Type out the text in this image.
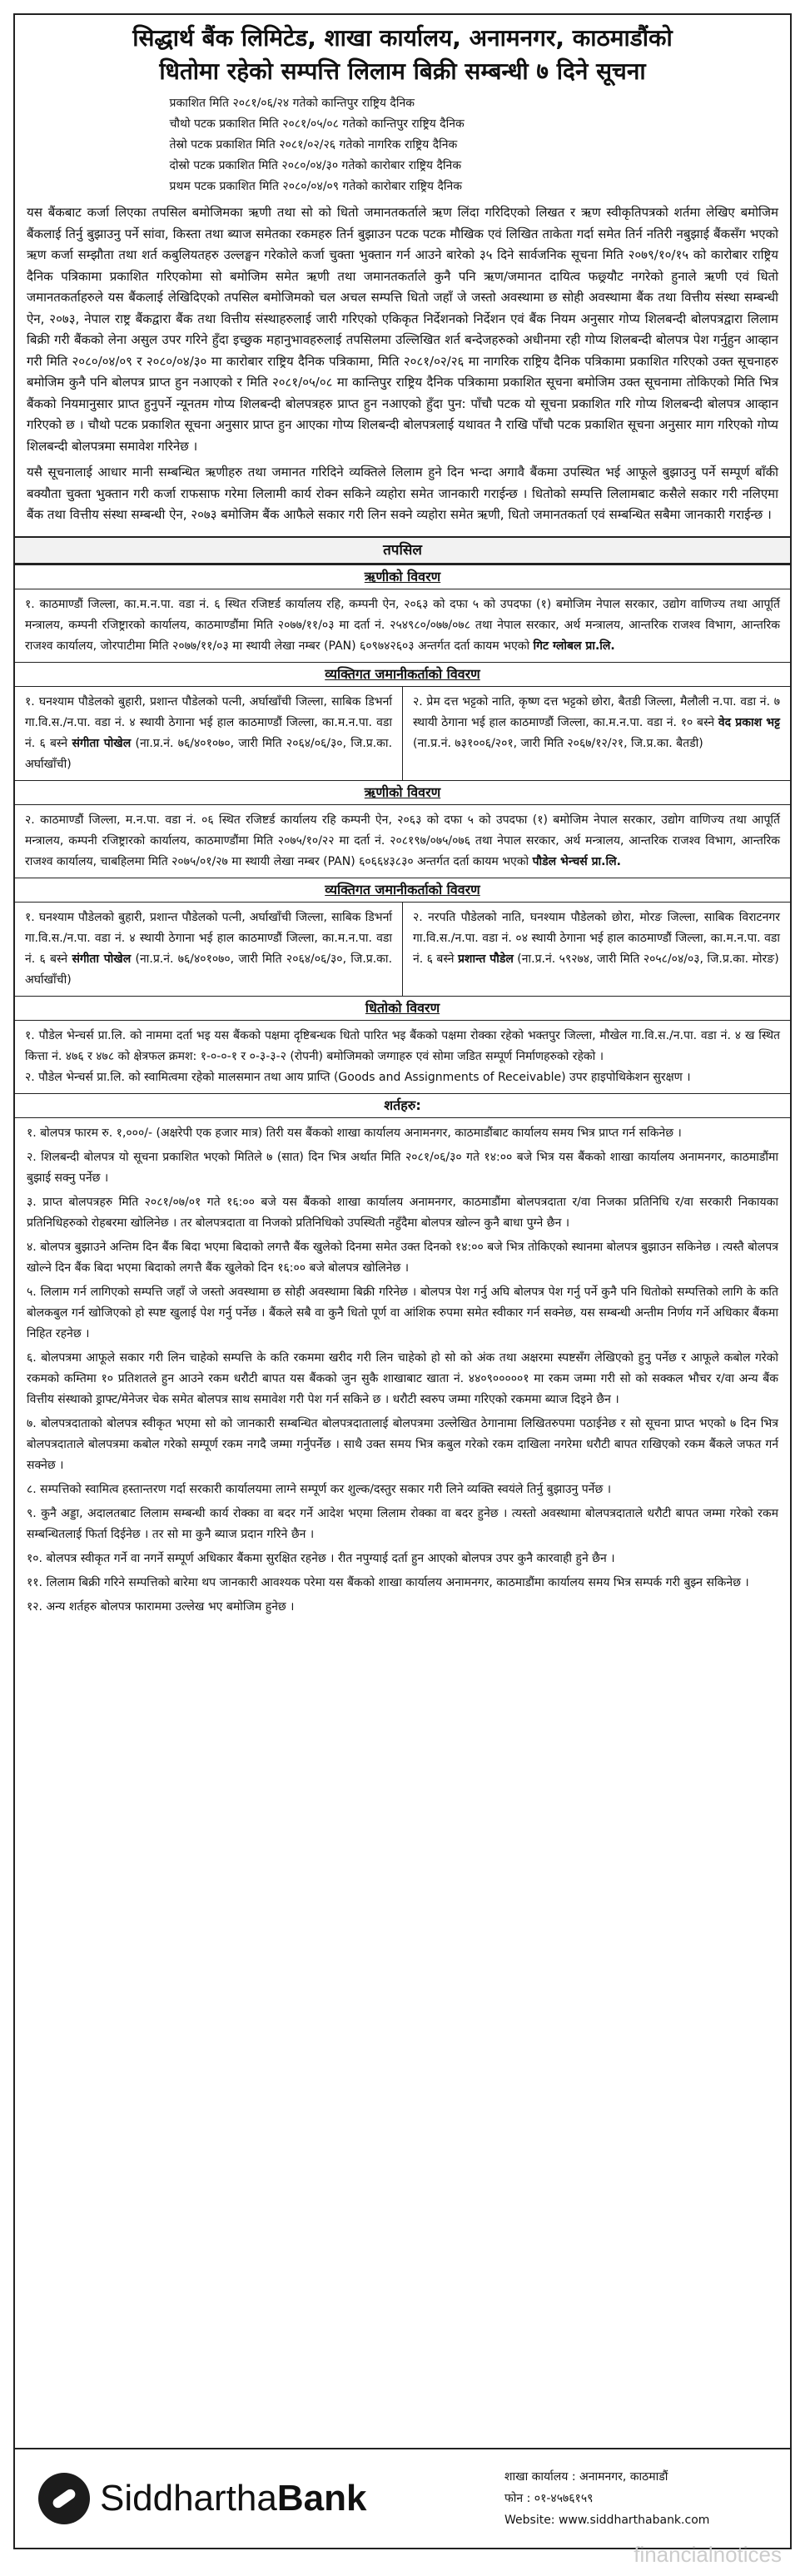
सिद्धार्थ बैंक लिमिटेड, शाखा कार्यालय, अनामनगर, काठमाडौंको
धितोमा रहेको सम्पत्ति लिलाम बिक्री सम्बन्धी ७ दिने सूचना
प्रकाशित मिति २०८१/०६/२४ गतेको कान्तिपुर राष्ट्रिय दैनिक
चौथो पटक प्रकाशित मिति २०८१/०५/०८ गतेको कान्तिपुर राष्ट्रिय दैनिक
तेस्रो पटक प्रकाशित मिति २०८१/०२/२६ गतेको नागरिक राष्ट्रिय दैनिक
दोस्रो पटक प्रकाशित मिति २०८०/०४/३० गतेको कारोबार राष्ट्रिय दैनिक
प्रथम पटक प्रकाशित मिति २०८०/०४/०९ गतेको कारोबार राष्ट्रिय दैनिक

यस बैंकबाट कर्जा लिएका तपसिल बमोजिमका ऋणी तथा सो को धितो जमानतकर्ताले ऋण लिंदा गरिदिएको लिखत र ऋण स्वीकृतिपत्रको शर्तमा लेखिए बमोजिम बैंकलाई तिर्नु बुझाउनु पर्ने सांवा, किस्ता तथा ब्याज समेतका रकमहरु तिर्न बुझाउन पटक पटक मौखिक एवं लिखित ताकेता गर्दा समेत तिर्न नतिरी नबुझाई बैंकसँग भएको ऋण कर्जा सम्झौता तथा शर्त कबुलियतहरु उल्लङ्घन गरेकोले कर्जा चुक्ता भुक्तान गर्न आउने बारेको ३५ दिने सार्वजनिक सूचना मिति २०७९/१०/१५ को कारोबार राष्ट्रिय दैनिक पत्रिकामा प्रकाशित गरिएकोमा सो बमोजिम समेत ऋणी तथा जमानतकर्ताले कुनै पनि ऋण/जमानत दायित्व फछ्र्यौट नगरेको हुनाले ऋणी एवं धितो जमानतकर्ताहरुले यस बैंकलाई लेखिदिएको तपसिल बमोजिमको चल अचल सम्पत्ति धितो जहाँ जे जस्तो अवस्थामा छ सोही अवस्थामा बैंक तथा वित्तीय संस्था सम्बन्धी ऐन, २०७३, नेपाल राष्ट्र बैंकद्वारा बैंक तथा वित्तीय संस्थाहरुलाई जारी गरिएको एकिकृत निर्देशनको निर्देशन एवं बैंक नियम अनुसार गोप्य शिलबन्दी बोलपत्रद्वारा लिलाम बिक्री गरी बैंकको लेना असुल उपर गरिने हुँदा इच्छुक महानुभावहरुलाई तपसिलमा उल्लिखित शर्त बन्देजहरुको अधीनमा रही गोप्य शिलबन्दी बोलपत्र पेश गर्नुहुन आव्हान गरी मिति २०८०/०४/०९ र २०८०/०४/३० मा कारोबार राष्ट्रिय दैनिक पत्रिकामा, मिति २०८१/०२/२६ मा नागरिक राष्ट्रिय दैनिक पत्रिकामा प्रकाशित गरिएको उक्त सूचनाहरु बमोजिम कुनै पनि बोलपत्र प्राप्त हुन नआएको र मिति २०८१/०५/०८ मा कान्तिपुर राष्ट्रिय दैनिक पत्रिकामा प्रकाशित सूचना बमोजिम उक्त सूचनामा तोकिएको मिति भित्र बैंकको नियमानुसार प्राप्त हुनुपर्ने न्यूनतम गोप्य शिलबन्दी बोलपत्रहरु प्राप्त हुन नआएको हुँदा पुन: पाँचौ पटक यो सूचना प्रकाशित गरि गोप्य शिलबन्दी बोलपत्र आव्हान गरिएको छ । चौथो पटक प्रकाशित सूचना अनुसार प्राप्त हुन आएका गोप्य शिलबन्दी बोलपत्रलाई यथावत नै राखि पाँचौ पटक प्रकाशित सूचना अनुसार माग गरिएको गोप्य शिलबन्दी बोलपत्रमा समावेश गरिनेछ ।

यसै सूचनालाई आधार मानी सम्बन्धित ऋणीहरु तथा जमानत गरिदिने व्यक्तिले लिलाम हुने दिन भन्दा अगावै बैंकमा उपस्थित भई आफूले बुझाउनु पर्ने सम्पूर्ण बाँकी बक्यौता चुक्ता भुक्तान गरी कर्जा राफसाफ गरेमा लिलामी कार्य रोक्न सकिने व्यहोरा समेत जानकारी गराईन्छ । धितोको सम्पत्ति लिलामबाट कसैले सकार गरी नलिएमा बैंक तथा वित्तीय संस्था सम्बन्धी ऐन, २०७३ बमोजिम बैंक आफैले सकार गरी लिन सक्ने व्यहोरा समेत ऋणी, धितो जमानतकर्ता एवं सम्बन्धित सबैमा जानकारी गराईन्छ ।

तपसिल
ऋणीको विवरण
१. काठमाण्डौं जिल्ला, का.म.न.पा. वडा नं. ६ स्थित रजिष्टर्ड कार्यालय रहि, कम्पनी ऐन, २०६३ को दफा ५ को उपदफा (१) बमोजिम नेपाल सरकार, उद्योग वाणिज्य तथा आपूर्ति मन्त्रालय, कम्पनी रजिष्ट्रारको कार्यालय, काठमाण्डौंमा मिति २०७७/११/०३ मा दर्ता नं. २५४९८०/०७७/०७८ तथा नेपाल सरकार, अर्थ मन्त्रालय, आन्तरिक राजश्व विभाग, आन्तरिक राजश्व कार्यालय, जोरपाटीमा मिति २०७७/११/०३ मा स्थायी लेखा नम्बर (PAN) ६०९७४२६०३ अन्तर्गत दर्ता कायम भएको गिट ग्लोबल प्रा.लि.
व्यक्तिगत जमानीकर्ताको विवरण
१. घनश्याम पौडेलको बुहारी, प्रशान्त पौडेलको पत्नी, अर्घाखाँची जिल्ला, साबिक डिभर्ना गा.वि.स./न.पा. वडा नं. ४ स्थायी ठेगाना भई हाल काठमाण्डौं जिल्ला, का.म.न.पा. वडा नं. ६ बस्ने संगीता पोखेल (ना.प्र.नं. ७६/४०१०७०, जारी मिति २०६४/०६/३०, जि.प्र.का. अर्घाखाँची)
२. प्रेम दत्त भट्टको नाति, कृष्ण दत्त भट्टको छोरा, बैतडी जिल्ला, मैलौली न.पा. वडा नं. ७ स्थायी ठेगाना भई हाल काठमाण्डौं जिल्ला, का.म.न.पा. वडा नं. १० बस्ने वेद प्रकाश भट्ट (ना.प्र.नं. ७३१००६/२०१, जारी मिति २०६७/१२/२१, जि.प्र.का. बैतडी)
ऋणीको विवरण
२. काठमाण्डौं जिल्ला, म.न.पा. वडा नं. ०६ स्थित रजिष्टर्ड कार्यालय रहि कम्पनी ऐन, २०६३ को दफा ५ को उपदफा (१) बमोजिम नेपाल सरकार, उद्योग वाणिज्य तथा आपूर्ति मन्त्रालय, कम्पनी रजिष्ट्रारको कार्यालय, काठमाण्डौंमा मिति २०७५/१०/२२ मा दर्ता नं. २०८१९७/०७५/०७६ तथा नेपाल सरकार, अर्थ मन्त्रालय, आन्तरिक राजश्व विभाग, आन्तरिक राजश्व कार्यालय, चाबहिलमा मिति २०७५/०१/२७ मा स्थायी लेखा नम्बर (PAN) ६०६६४३८३० अन्तर्गत दर्ता कायम भएको पौडेल भेन्चर्स प्रा.लि.
व्यक्तिगत जमानीकर्ताको विवरण
१. घनश्याम पौडेलको बुहारी, प्रशान्त पौडेलको पत्नी, अर्घाखाँची जिल्ला, साबिक डिभर्ना गा.वि.स./न.पा. वडा नं. ४ स्थायी ठेगाना भई हाल काठमाण्डौं जिल्ला, का.म.न.पा. वडा नं. ६ बस्ने संगीता पोखेल (ना.प्र.नं. ७६/४०१०७०, जारी मिति २०६४/०६/३०, जि.प्र.का. अर्घाखाँची)
२. नरपति पौडेलको नाति, घनश्याम पौडेलको छोरा, मोरङ जिल्ला, साबिक विराटनगर गा.वि.स./न.पा. वडा नं. ०४ स्थायी ठेगाना भई हाल काठमाण्डौं जिल्ला, का.म.न.पा. वडा नं. ६ बस्ने प्रशान्त पौडेल (ना.प्र.नं. ५९२७४, जारी मिति २०५८/०४/०३, जि.प्र.का. मोरङ)
धितोको विवरण
१. पौडेल भेन्चर्स प्रा.लि. को नाममा दर्ता भइ यस बैंकको पक्षमा दृष्टिबन्धक धितो पारित भइ बैंकको पक्षमा रोक्का रहेको भक्तपुर जिल्ला, मौखेल गा.वि.स./न.पा. वडा नं. ४ ख स्थित कित्ता नं. ४७६ र ४७८ को क्षेत्रफल क्रमश: १-०-०-१ र ०-३-३-२ (रोपनी) बमोजिमको जग्गाहरु एवं सोमा जडित सम्पूर्ण निर्माणहरुको रहेको ।
२. पौडेल भेन्चर्स प्रा.लि. को स्वामित्वमा रहेको मालसमान तथा आय प्राप्ति (Goods and Assignments of Receivable) उपर हाइपोथिकेशन सुरक्षण ।
शर्तहरु:
१. बोलपत्र फारम रु. १,०००/- (अक्षरेपी एक हजार मात्र) तिरी यस बैंकको शाखा कार्यालय अनामनगर, काठमाडौंबाट कार्यालय समय भित्र प्राप्त गर्न सकिनेछ ।
२. शिलबन्दी बोलपत्र यो सूचना प्रकाशित भएको मितिले ७ (सात) दिन भित्र अर्थात मिति २०८१/०६/३० गते १४:०० बजे भित्र यस बैंकको शाखा कार्यालय अनामनगर, काठमाडौंमा बुझाई सक्नु पर्नेछ ।
३. प्राप्त बोलपत्रहरु मिति २०८१/०७/०१ गते १६:०० बजे यस बैंकको शाखा कार्यालय अनामनगर, काठमाडौंमा बोलपत्रदाता र/वा निजका प्रतिनिधि र/वा सरकारी निकायका प्रतिनिधिहरुको रोहबरमा खोलिनेछ । तर बोलपत्रदाता वा निजको प्रतिनिधिको उपस्थिती नहुँदैमा बोलपत्र खोल्न कुनै बाधा पुग्ने छैन ।
४. बोलपत्र बुझाउने अन्तिम दिन बैंक बिदा भएमा बिदाको लगत्तै बैंक खुलेको दिनमा समेत उक्त दिनको १४:०० बजे भित्र तोकिएको स्थानमा बोलपत्र बुझाउन सकिनेछ । त्यस्तै बोलपत्र खोल्ने दिन बैंक बिदा भएमा बिदाको लगत्तै बैंक खुलेको दिन १६:०० बजे बोलपत्र खोलिनेछ ।
५. लिलाम गर्न लागिएको सम्पत्ति जहाँ जे जस्तो अवस्थामा छ सोही अवस्थामा बिक्री गरिनेछ । बोलपत्र पेश गर्नु अघि बोलपत्र पेश गर्नु पर्ने कुनै पनि धितोको सम्पत्तिको लागि के कति बोलकबुल गर्न खोजिएको हो स्पष्ट खुलाई पेश गर्नु पर्नेछ । बैंकले सबै वा कुनै धितो पूर्ण वा आंशिक रुपमा समेत स्वीकार गर्न सक्नेछ, यस सम्बन्धी अन्तीम निर्णय गर्ने अधिकार बैंकमा निहित रहनेछ ।
६. बोलपत्रमा आफूले सकार गरी लिन चाहेको सम्पत्ति के कति रकममा खरीद गरी लिन चाहेको हो सो को अंक तथा अक्षरमा स्पष्टसँग लेखिएको हुनु पर्नेछ र आफूले कबोल गरेको रकमको कम्तिमा १० प्रतिशतले हुन आउने रकम धरौटी बापत यस बैंकको जुन सुकै शाखाबाट खाता नं. ४४०९०००००१ मा रकम जम्मा गरी सो को सक्कल भौचर र/वा अन्य बैंक वित्तीय संस्थाको ड्राफ्ट/मेनेजर चेक समेत बोलपत्र साथ समावेश गरी पेश गर्न सकिने छ । धरौटी स्वरुप जम्मा गरिएको रकममा ब्याज दिइने छैन ।
७. बोलपत्रदाताको बोलपत्र स्वीकृत भएमा सो को जानकारी सम्बन्धित बोलपत्रदातालाई बोलपत्रमा उल्लेखित ठेगानामा लिखितरुपमा पठाईनेछ र सो सूचना प्राप्त भएको ७ दिन भित्र बोलपत्रदाताले बोलपत्रमा कबोल गरेको सम्पूर्ण रकम नगदै जम्मा गर्नुपर्नेछ । साथै उक्त समय भित्र कबुल गरेको रकम दाखिला नगरेमा धरौटी बापत राखिएको रकम बैंकले जफत गर्न सक्नेछ ।
८. सम्पत्तिको स्वामित्व हस्तान्तरण गर्दा सरकारी कार्यालयमा लाग्ने सम्पूर्ण कर शुल्क/दस्तुर सकार गरी लिने व्यक्ति स्वयंले तिर्नु बुझाउनु पर्नेछ ।
९. कुनै अड्डा, अदालतबाट लिलाम सम्बन्धी कार्य रोक्का वा बदर गर्ने आदेश भएमा लिलाम रोक्का वा बदर हुनेछ । त्यस्तो अवस्थामा बोलपत्रदाताले धरौटी बापत जम्मा गरेको रकम सम्बन्धितलाई फिर्ता दिईनेछ । तर सो मा कुनै ब्याज प्रदान गरिने छैन ।
१०. बोलपत्र स्वीकृत गर्ने वा नगर्ने सम्पूर्ण अधिकार बैंकमा सुरक्षित रहनेछ । रीत नपुग्याई दर्ता हुन आएको बोलपत्र उपर कुनै कारवाही हुने छैन ।
११. लिलाम बिक्री गरिने सम्पत्तिको बारेमा थप जानकारी आवश्यक परेमा यस बैंकको शाखा कार्यालय अनामनगर, काठमाडौंमा कार्यालय समय भित्र सम्पर्क गरी बुझ्न सकिनेछ ।
१२. अन्य शर्तहरु बोलपत्र फाराममा उल्लेख भए बमोजिम हुनेछ ।
SiddharthaBank
शाखा कार्यालय : अनामनगर, काठमाडौं
फोन : ०१-४५७६१५९
Website: www.siddharthabank.com
financialnotices
